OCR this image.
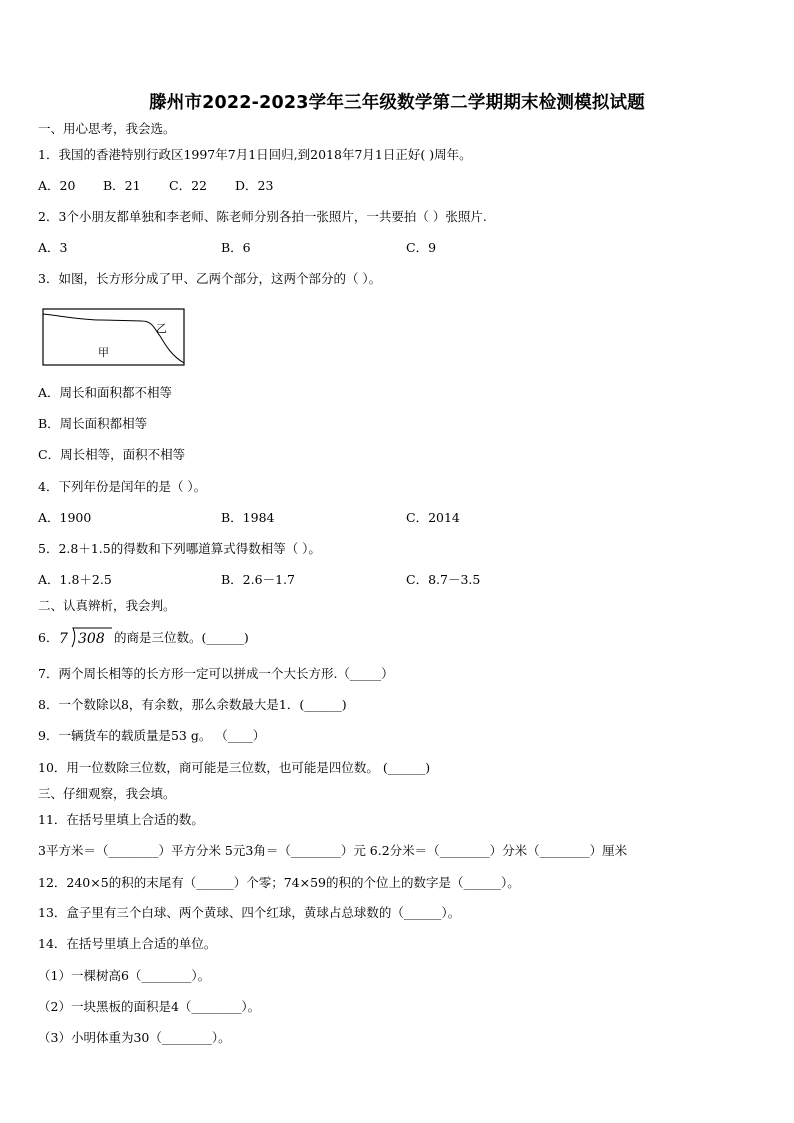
滕州市2022-2023学年三年级数学第二学期期末检测模拟试题
一、用心思考，我会选。
1．我国的香港特别行政区1997年7月1日回归,到2018年7月1日正好( )周年。
A．20 B．21 C．22 D．23
2．3个小朋友都单独和李老师、陈老师分别各拍一张照片，一共要拍（ ）张照片.
A．3	B．6	C．9
3．如图，长方形分成了甲、乙两个部分，这两个部分的（ ）。
甲
乙
A．周长和面积都不相等
B．周长面积都相等
C．周长相等，面积不相等
4．下列年份是闰年的是（ ）。
A．1900	B．1984	C．2014
5．2.8＋1.5的得数和下列哪道算式得数相等（ ）。
A．1.8＋2.5	B．2.6－1.7	C．8.7－3.5
二、认真辨析，我会判。
6． 7 308 的商是三位数。(______)
7．两个周长相等的长方形一定可以拼成一个大长方形.（_____）
8．一个数除以8，有余数，那么余数最大是1．(______)
9．一辆货车的载质量是53 g。 （____）
10．用一位数除三位数，商可能是三位数，也可能是四位数。 (______)
三、仔细观察，我会填。
11．在括号里填上合适的数。
3平方米＝（________）平方分米 5元3角＝（________）元 6.2分米＝（________）分米（________）厘米
12．240×5的积的末尾有（______）个零；74×59的积的个位上的数字是（______）。
13．盒子里有三个白球、两个黄球、四个红球，黄球占总球数的（______）。
14．在括号里填上合适的单位。
（1）一棵树高6（________）。
（2）一块黑板的面积是4（________）。
（3）小明体重为30（________）。
